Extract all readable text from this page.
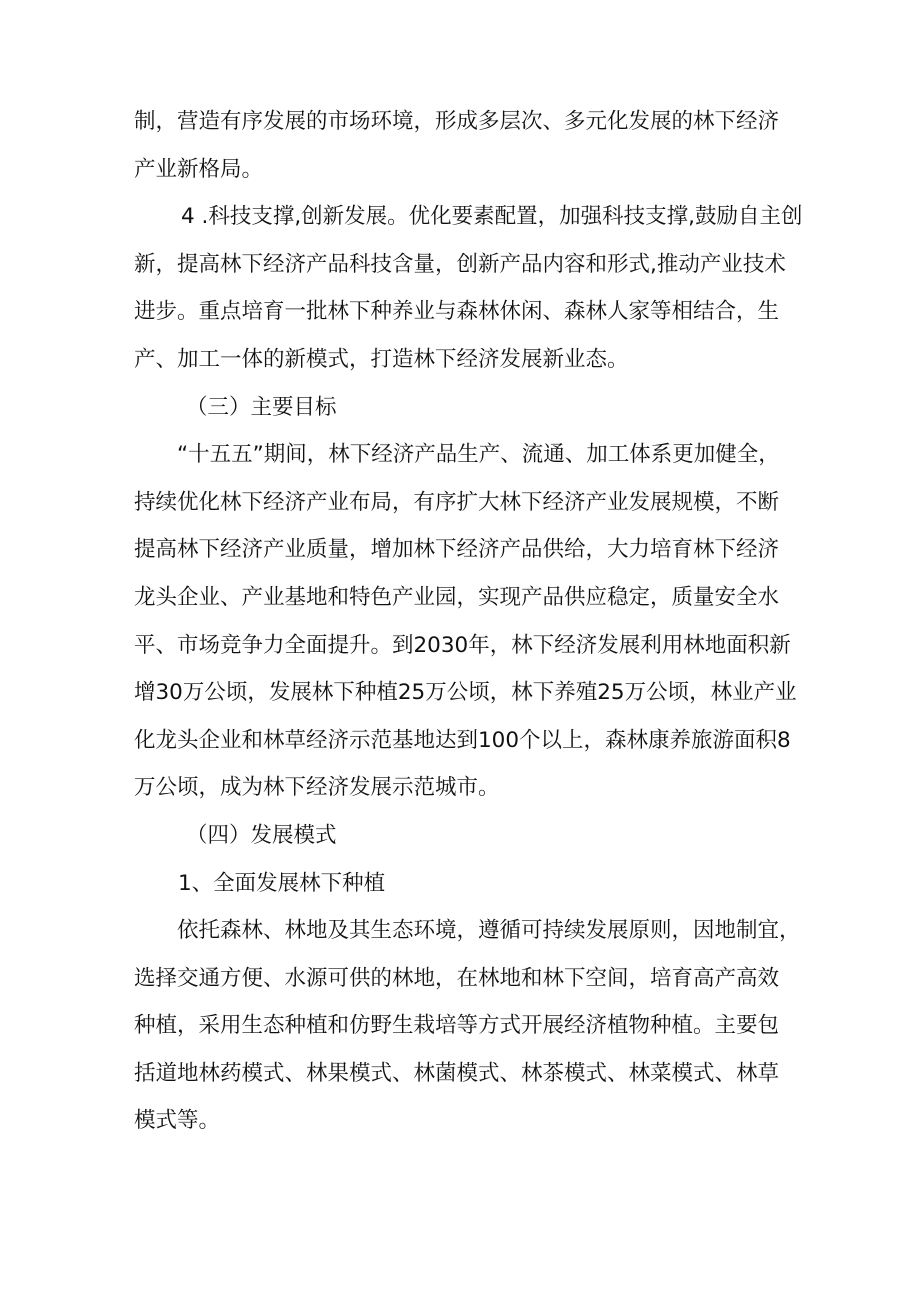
制，营造有序发展的市场环境，形成多层次、多元化发展的林下经济

产业新格局。

4 .科技支撑,创新发展。优化要素配置，加强科技支撑,鼓励自主创

新，提高林下经济产品科技含量，创新产品内容和形式,推动产业技术

进步。重点培育一批林下种养业与森林休闲、森林人家等相结合，生

产、加工一体的新模式，打造林下经济发展新业态。

（三）主要目标

“十五五”期间，林下经济产品生产、流通、加工体系更加健全，

持续优化林下经济产业布局，有序扩大林下经济产业发展规模，不断

提高林下经济产业质量，增加林下经济产品供给，大力培育林下经济

龙头企业、产业基地和特色产业园，实现产品供应稳定，质量安全水

平、市场竞争力全面提升。到2030年，林下经济发展利用林地面积新

增30万公顷，发展林下种植25万公顷，林下养殖25万公顷，林业产业

化龙头企业和林草经济示范基地达到100个以上，森林康养旅游面积8

万公顷，成为林下经济发展示范城市。

（四）发展模式

1、全面发展林下种植

依托森林、林地及其生态环境，遵循可持续发展原则，因地制宜，

选择交通方便、水源可供的林地，在林地和林下空间，培育高产高效

种植，采用生态种植和仿野生栽培等方式开展经济植物种植。主要包

括道地林药模式、林果模式、林菌模式、林茶模式、林菜模式、林草

模式等。
